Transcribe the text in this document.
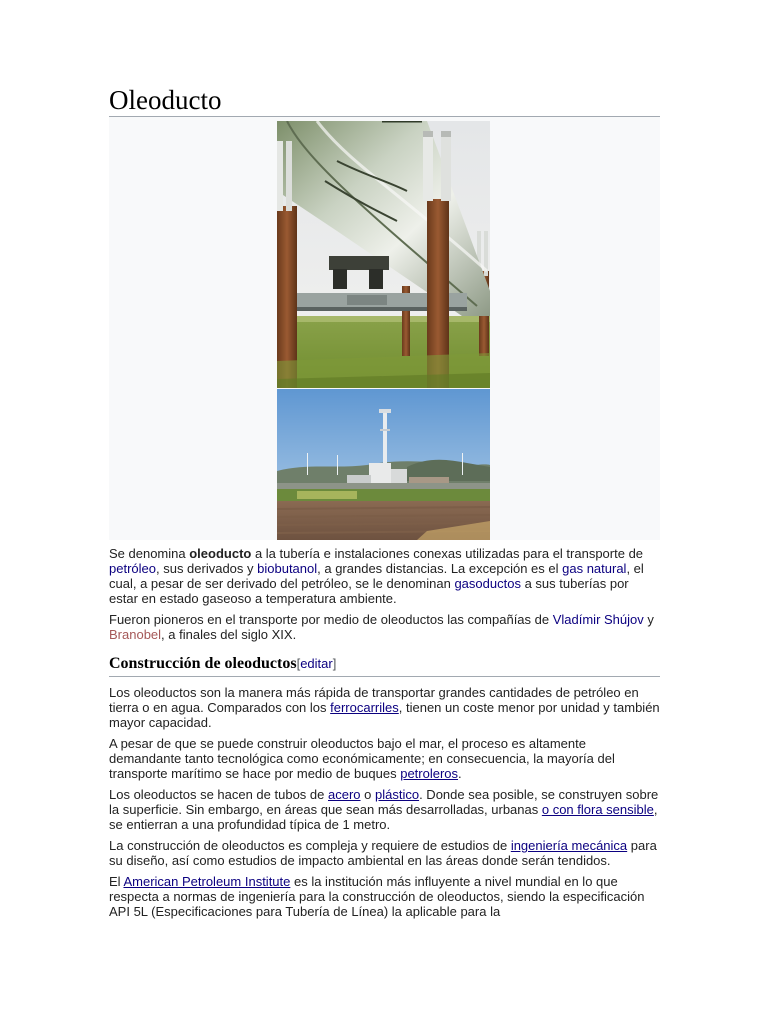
Oleoducto

Se denomina oleoducto a la tubería e instalaciones conexas utilizadas para el transporte de petróleo, sus derivados y biobutanol, a grandes distancias. La excepción es el gas natural, el cual, a pesar de ser derivado del petróleo, se le denominan gasoductos a sus tuberías por estar en estado gaseoso a temperatura ambiente.

Fueron pioneros en el transporte por medio de oleoductos las compañías de Vladímir Shújov y Branobel, a finales del siglo XIX.

Construcción de oleoductos[editar]

Los oleoductos son la manera más rápida de transportar grandes cantidades de petróleo en tierra o en agua. Comparados con los ferrocarriles, tienen un coste menor por unidad y también mayor capacidad.

A pesar de que se puede construir oleoductos bajo el mar, el proceso es altamente demandante tanto tecnológica como económicamente; en consecuencia, la mayoría del transporte marítimo se hace por medio de buques petroleros.

Los oleoductos se hacen de tubos de acero o plástico. Donde sea posible, se construyen sobre la superficie. Sin embargo, en áreas que sean más desarrolladas, urbanas o con flora sensible, se entierran a una profundidad típica de 1 metro.

La construcción de oleoductos es compleja y requiere de estudios de ingeniería mecánica para su diseño, así como estudios de impacto ambiental en las áreas donde serán tendidos.

El American Petroleum Institute es la institución más influyente a nivel mundial en lo que respecta a normas de ingeniería para la construcción de oleoductos, siendo la especificación API 5L (Especificaciones para Tubería de Línea) la aplicable para la
